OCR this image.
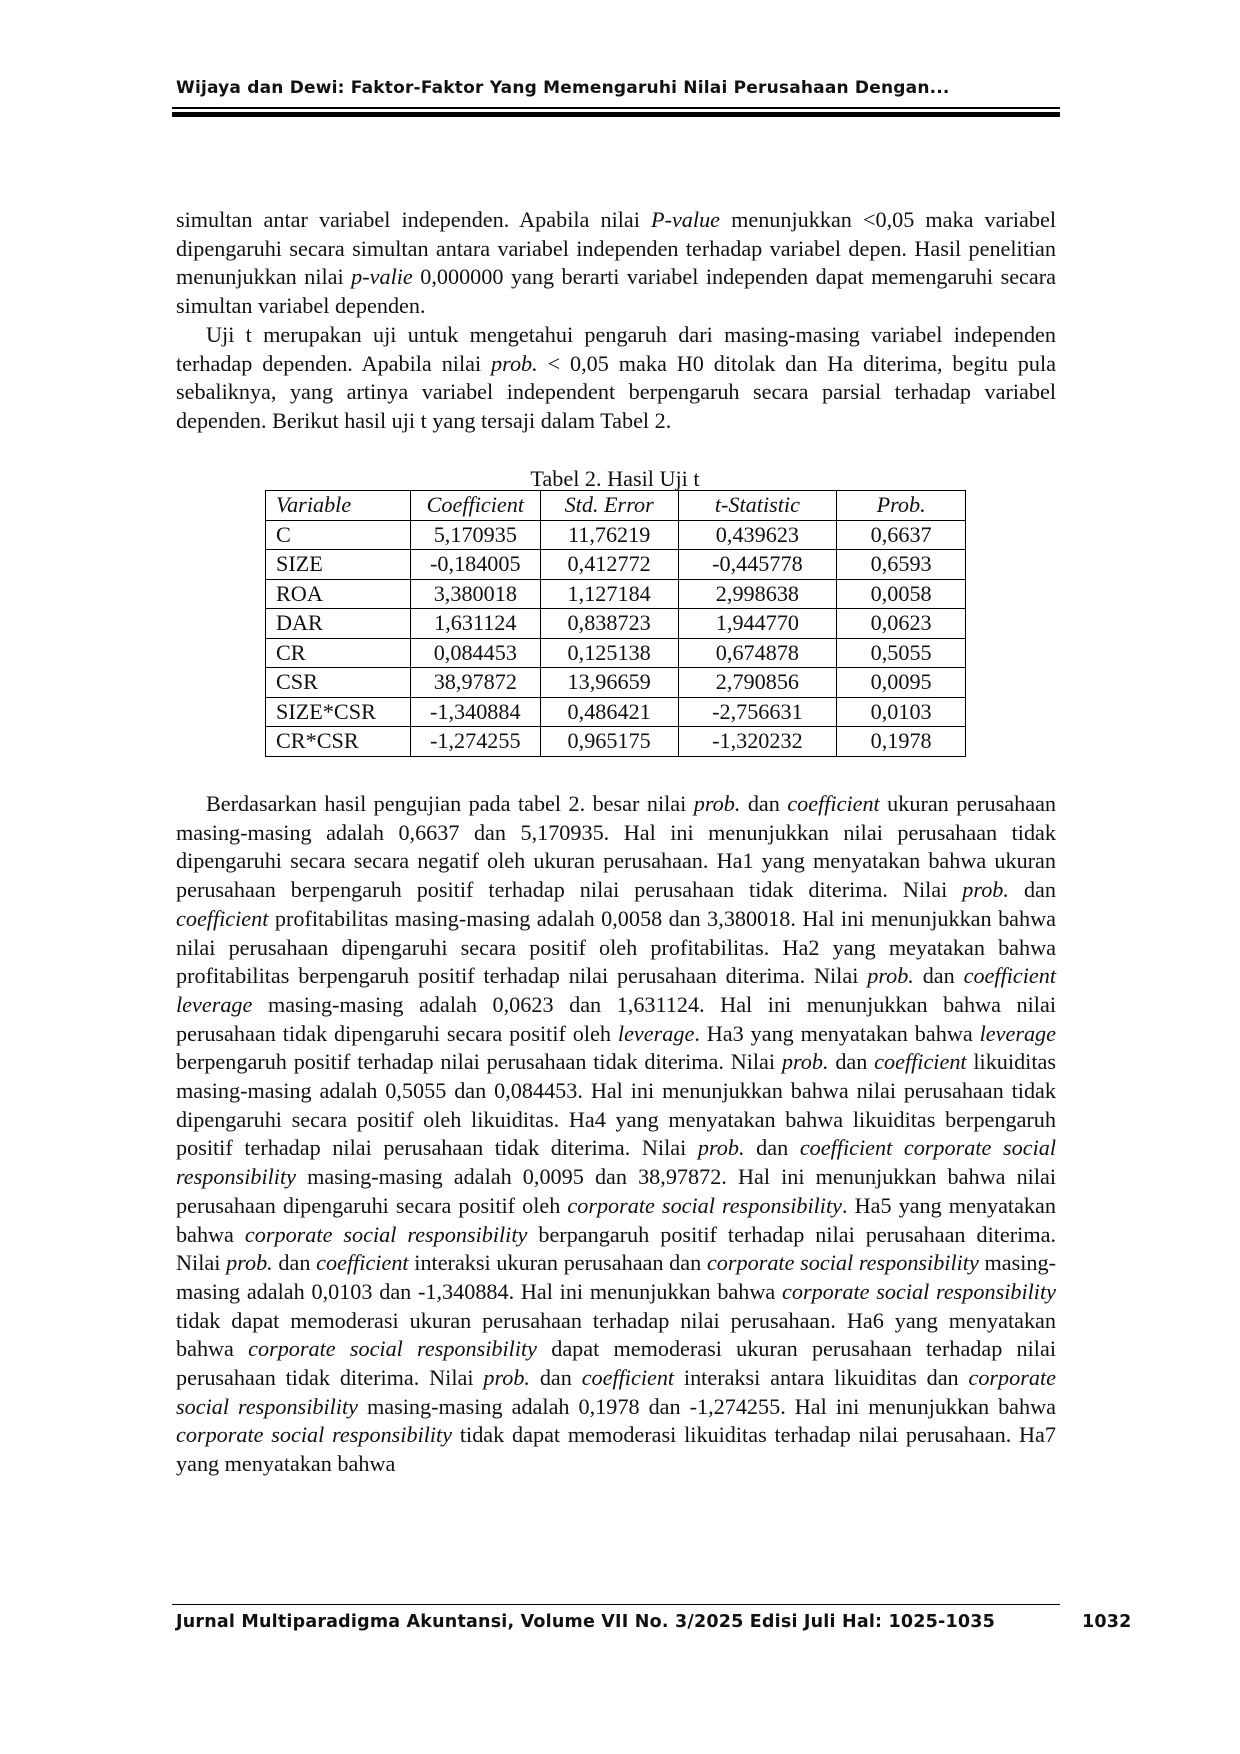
Wijaya dan Dewi: Faktor-Faktor Yang Memengaruhi Nilai Perusahaan Dengan...

simultan antar variabel independen. Apabila nilai P-value menunjukkan <0,05 maka variabel dipengaruhi secara simultan antara variabel independen terhadap variabel depen. Hasil penelitian menunjukkan nilai p-valie 0,000000 yang berarti variabel independen dapat memengaruhi secara simultan variabel dependen.

Uji t merupakan uji untuk mengetahui pengaruh dari masing-masing variabel independen terhadap dependen. Apabila nilai prob. < 0,05 maka H0 ditolak dan Ha diterima, begitu pula sebaliknya, yang artinya variabel independent berpengaruh secara parsial terhadap variabel dependen. Berikut hasil uji t yang tersaji dalam Tabel 2.

Tabel 2. Hasil Uji t
Variable	Coefficient	Std. Error	t-Statistic	Prob.
C	5,170935	11,76219	0,439623	0,6637
SIZE	-0,184005	0,412772	-0,445778	0,6593
ROA	3,380018	1,127184	2,998638	0,0058
DAR	1,631124	0,838723	1,944770	0,0623
CR	0,084453	0,125138	0,674878	0,5055
CSR	38,97872	13,96659	2,790856	0,0095
SIZE*CSR	-1,340884	0,486421	-2,756631	0,0103
CR*CSR	-1,274255	0,965175	-1,320232	0,1978

Berdasarkan hasil pengujian pada tabel 2. besar nilai prob. dan coefficient ukuran perusahaan masing-masing adalah 0,6637 dan 5,170935. Hal ini menunjukkan nilai perusahaan tidak dipengaruhi secara secara negatif oleh ukuran perusahaan. Ha1 yang menyatakan bahwa ukuran perusahaan berpengaruh positif terhadap nilai perusahaan tidak diterima. Nilai prob. dan coefficient profitabilitas masing-masing adalah 0,0058 dan 3,380018. Hal ini menunjukkan bahwa nilai perusahaan dipengaruhi secara positif oleh profitabilitas. Ha2 yang meyatakan bahwa profitabilitas berpengaruh positif terhadap nilai perusahaan diterima. Nilai prob. dan coefficient leverage masing-masing adalah 0,0623 dan 1,631124. Hal ini menunjukkan bahwa nilai perusahaan tidak dipengaruhi secara positif oleh leverage. Ha3 yang menyatakan bahwa leverage berpengaruh positif terhadap nilai perusahaan tidak diterima. Nilai prob. dan coefficient likuiditas masing-masing adalah 0,5055 dan 0,084453. Hal ini menunjukkan bahwa nilai perusahaan tidak dipengaruhi secara positif oleh likuiditas. Ha4 yang menyatakan bahwa likuiditas berpengaruh positif terhadap nilai perusahaan tidak diterima. Nilai prob. dan coefficient corporate social responsibility masing-masing adalah 0,0095 dan 38,97872. Hal ini menunjukkan bahwa nilai perusahaan dipengaruhi secara positif oleh corporate social responsibility. Ha5 yang menyatakan bahwa corporate social responsibility berpangaruh positif terhadap nilai perusahaan diterima. Nilai prob. dan coefficient interaksi ukuran perusahaan dan corporate social responsibility masing-masing adalah 0,0103 dan -1,340884. Hal ini menunjukkan bahwa corporate social responsibility tidak dapat memoderasi ukuran perusahaan terhadap nilai perusahaan. Ha6 yang menyatakan bahwa corporate social responsibility dapat memoderasi ukuran perusahaan terhadap nilai perusahaan tidak diterima. Nilai prob. dan coefficient interaksi antara likuiditas dan corporate social responsibility masing-masing adalah 0,1978 dan -1,274255. Hal ini menunjukkan bahwa corporate social responsibility tidak dapat memoderasi likuiditas terhadap nilai perusahaan. Ha7 yang menyatakan bahwa

Jurnal Multiparadigma Akuntansi, Volume VII No. 3/2025 Edisi Juli Hal: 1025-1035	1032
